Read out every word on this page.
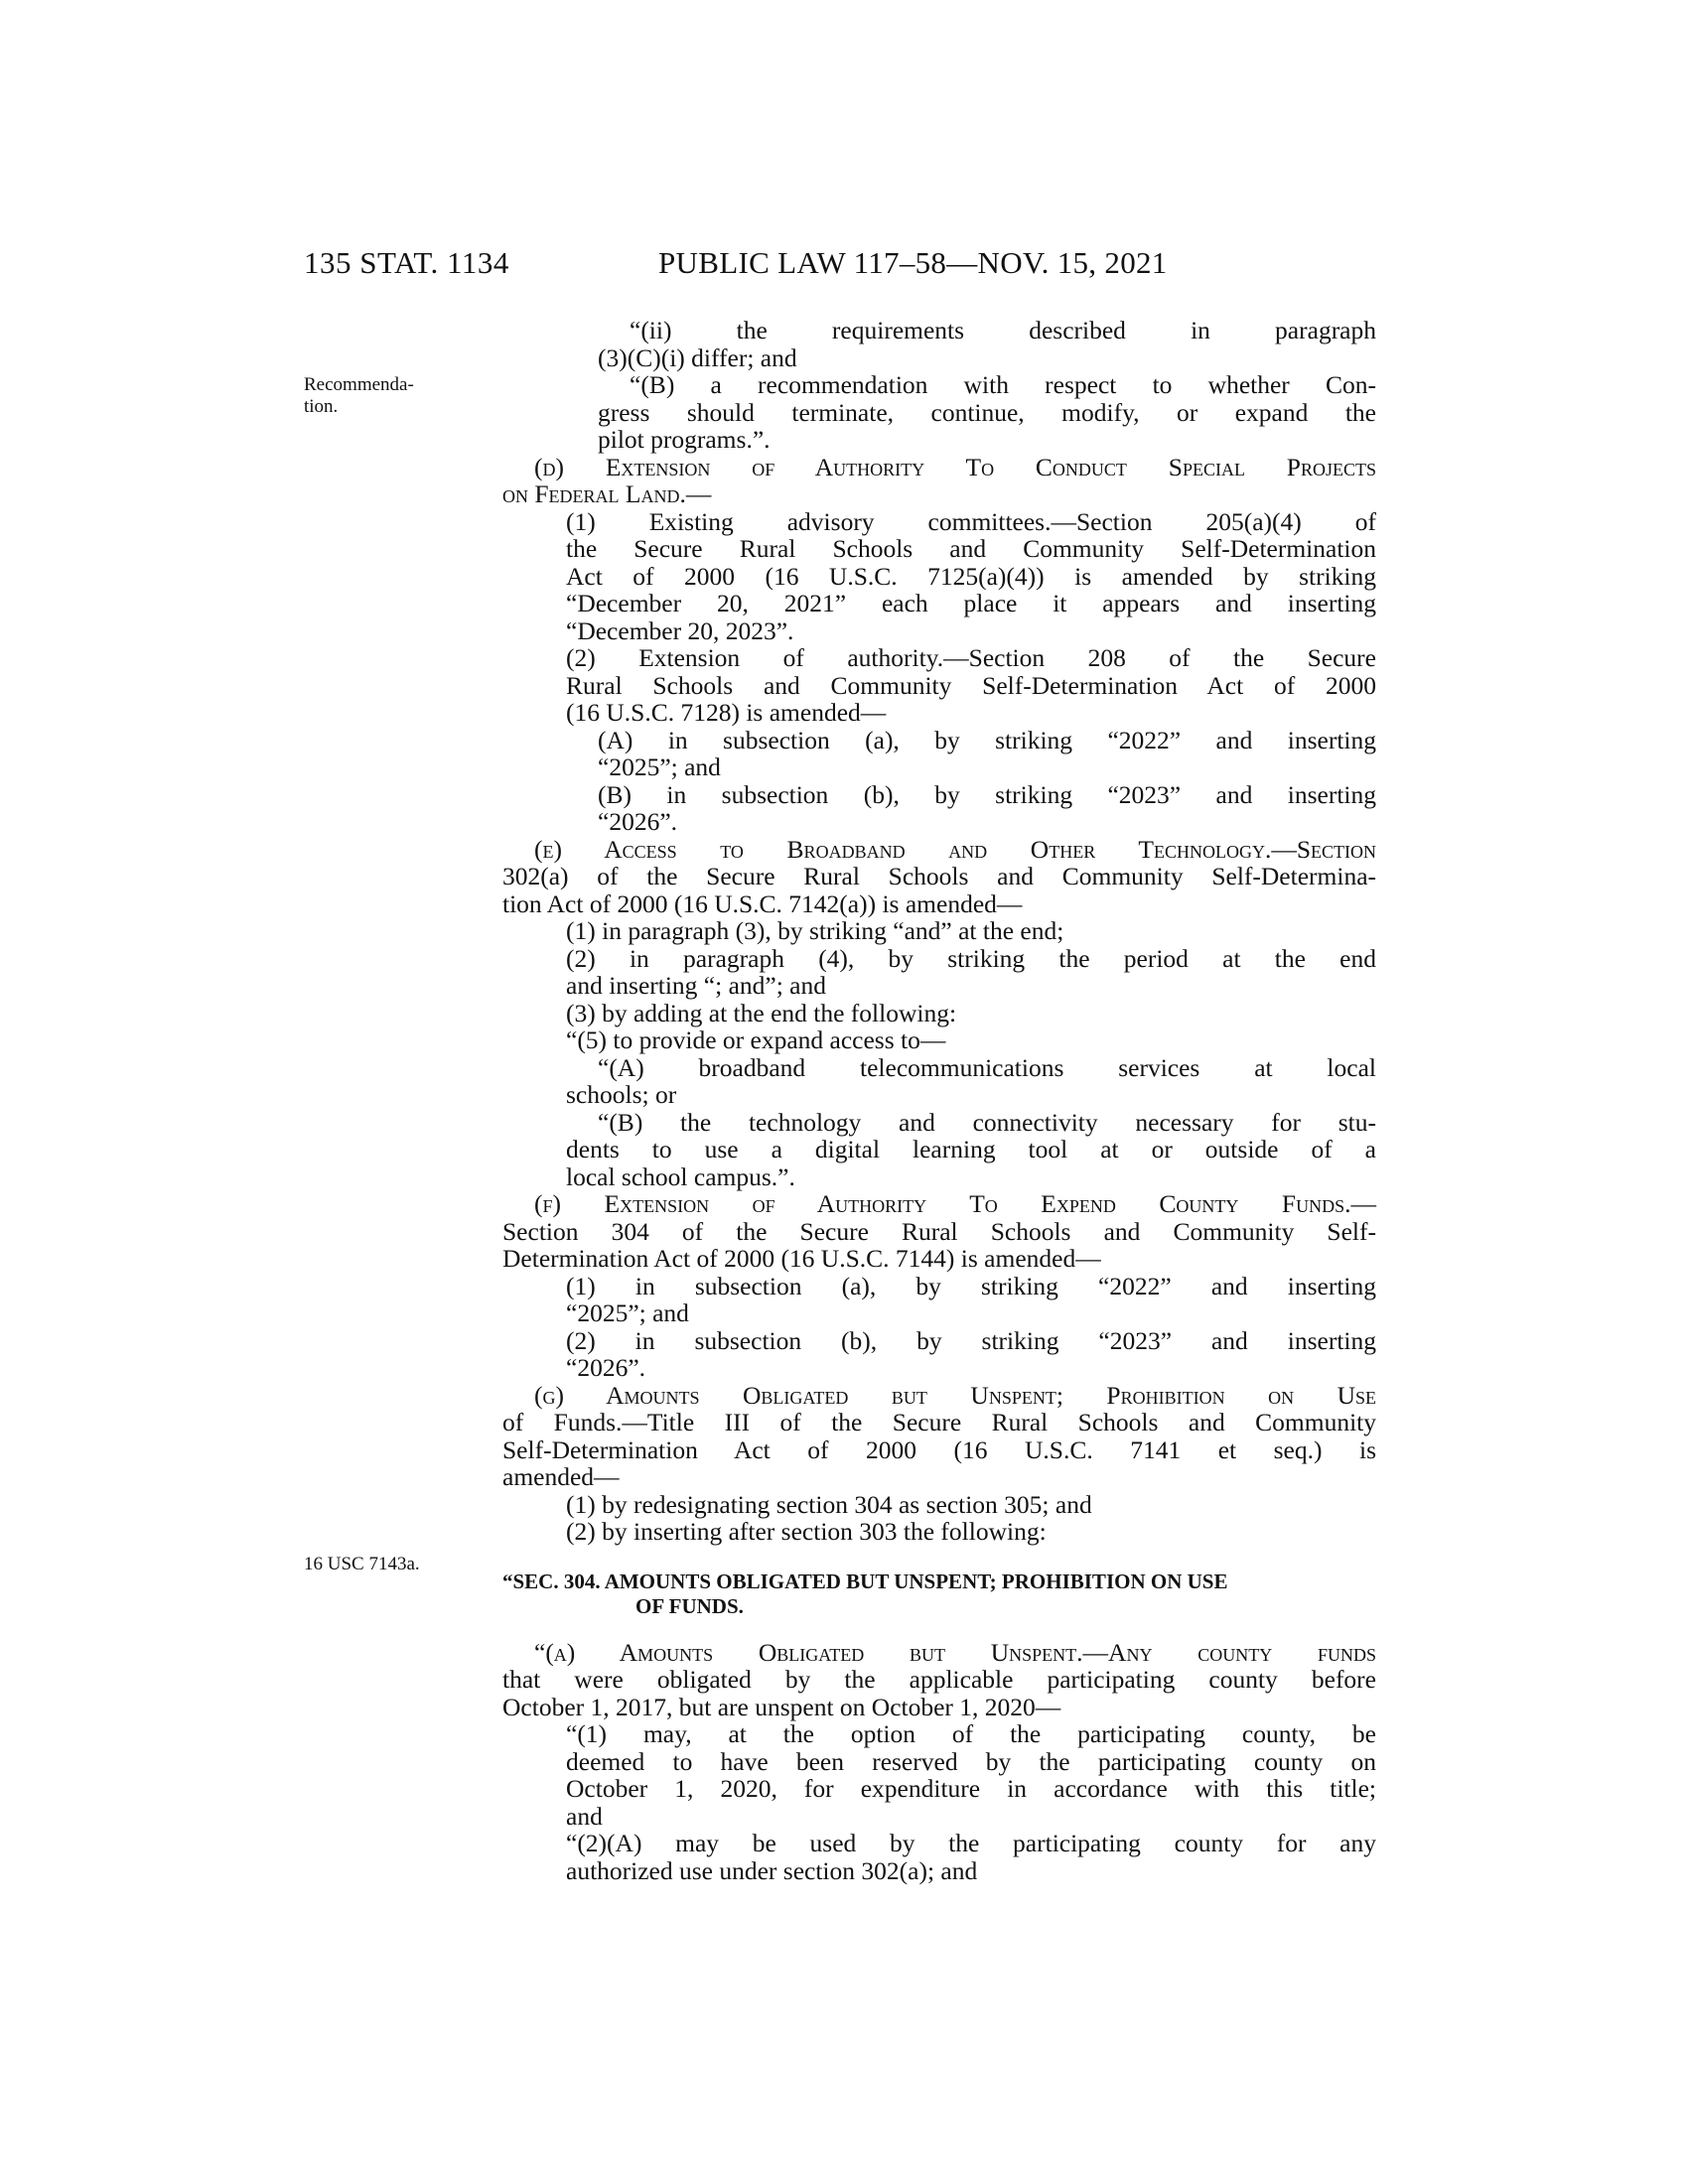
135 STAT. 1134	PUBLIC LAW 117–58—NOV. 15, 2021
Recommenda-
tion.
16 USC 7143a.
“(ii) the requirements described in paragraph
(3)(C)(i) differ; and
“(B) a recommendation with respect to whether Con-
gress should terminate, continue, modify, or expand the
pilot programs.”.
(d) Extension of Authority To Conduct Special Projects
on Federal Land.—
(1) Existing advisory committees.—Section 205(a)(4) of
the Secure Rural Schools and Community Self-Determination
Act of 2000 (16 U.S.C. 7125(a)(4)) is amended by striking
“December 20, 2021” each place it appears and inserting
“December 20, 2023”.
(2) Extension of authority.—Section 208 of the Secure
Rural Schools and Community Self-Determination Act of 2000
(16 U.S.C. 7128) is amended—
(A) in subsection (a), by striking “2022” and inserting
“2025”; and
(B) in subsection (b), by striking “2023” and inserting
“2026”.
(e) Access to Broadband and Other Technology.—Section
302(a) of the Secure Rural Schools and Community Self-Determina-
tion Act of 2000 (16 U.S.C. 7142(a)) is amended—
(1) in paragraph (3), by striking “and” at the end;
(2) in paragraph (4), by striking the period at the end
and inserting “; and”; and
(3) by adding at the end the following:
“(5) to provide or expand access to—
“(A) broadband telecommunications services at local
schools; or
“(B) the technology and connectivity necessary for stu-
dents to use a digital learning tool at or outside of a
local school campus.”.
(f) Extension of Authority To Expend County Funds.—
Section 304 of the Secure Rural Schools and Community Self-
Determination Act of 2000 (16 U.S.C. 7144) is amended—
(1) in subsection (a), by striking “2022” and inserting
“2025”; and
(2) in subsection (b), by striking “2023” and inserting
“2026”.
(g) Amounts Obligated but Unspent; Prohibition on Use
of Funds.—Title III of the Secure Rural Schools and Community
Self-Determination Act of 2000 (16 U.S.C. 7141 et seq.) is
amended—
(1) by redesignating section 304 as section 305; and
(2) by inserting after section 303 the following:
“SEC. 304. AMOUNTS OBLIGATED BUT UNSPENT; PROHIBITION ON USE
OF FUNDS.
“(a) Amounts Obligated but Unspent.—Any county funds
that were obligated by the applicable participating county before
October 1, 2017, but are unspent on October 1, 2020—
“(1) may, at the option of the participating county, be
deemed to have been reserved by the participating county on
October 1, 2020, for expenditure in accordance with this title;
and
“(2)(A) may be used by the participating county for any
authorized use under section 302(a); and
